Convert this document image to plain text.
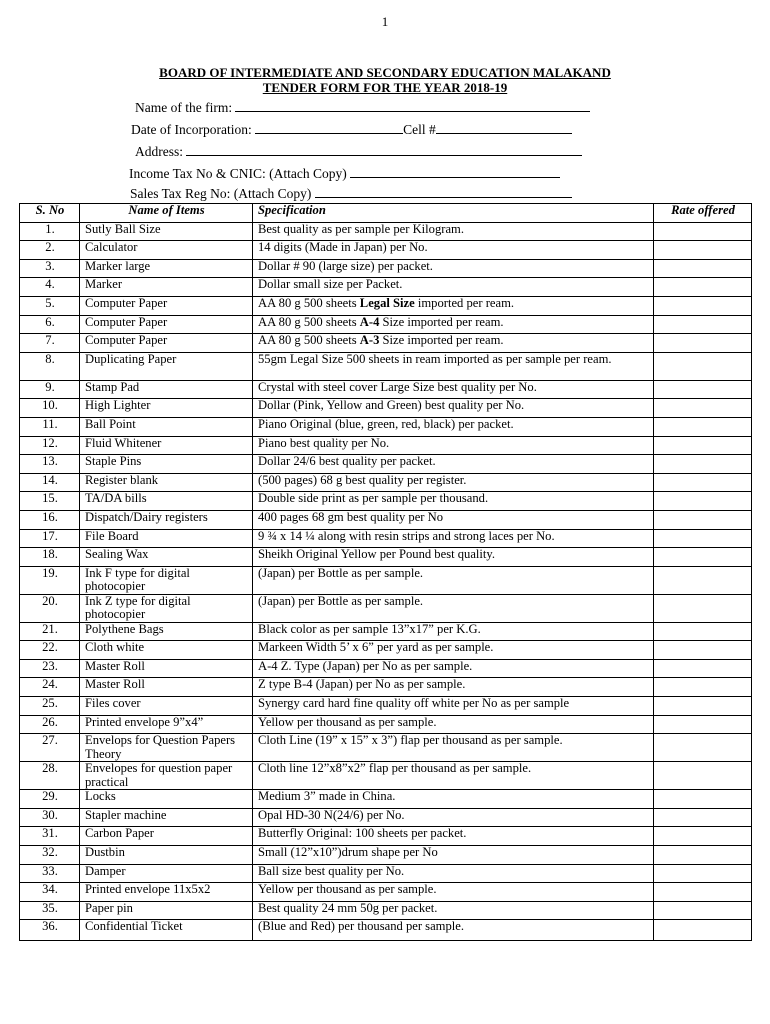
1
BOARD OF INTERMEDIATE AND SECONDARY EDUCATION MALAKAND
TENDER FORM FOR THE YEAR 2018-19
Name of the firm:
Date of Incorporation:	Cell #
Address:
Income Tax No & CNIC: (Attach Copy)
Sales Tax Reg No: (Attach Copy)
S. No	Name of Items	Specification	Rate offered
1.	Sutly Ball Size	Best quality as per sample per Kilogram.	
2.	Calculator	14 digits (Made in Japan) per No.	
3.	Marker large	Dollar # 90 (large size) per packet.	
4.	Marker	Dollar small size per Packet.	
5.	Computer Paper	AA 80 g 500 sheets Legal Size imported per ream.	
6.	Computer Paper	AA 80 g 500 sheets A-4 Size imported per ream.	
7.	Computer Paper	AA 80 g 500 sheets A-3 Size imported per ream.	
8.	Duplicating Paper	55gm Legal Size 500 sheets in ream imported as per sample per ream.	
9.	Stamp Pad	Crystal with steel cover Large Size best quality per No.	
10.	High Lighter	Dollar (Pink, Yellow and Green) best quality per No.	
11.	Ball Point	Piano Original (blue, green, red, black) per packet.	
12.	Fluid Whitener	Piano best quality per No.	
13.	Staple Pins	Dollar 24/6 best quality per packet.	
14.	Register blank	(500 pages) 68 g best quality per register.	
15.	TA/DA bills	Double side print as per sample per thousand.	
16.	Dispatch/Dairy registers	400 pages 68 gm best quality per No	
17.	File Board	9 ¾ x 14 ¼ along with resin strips and strong laces per No.	
18.	Sealing Wax	Sheikh Original Yellow per Pound best quality.	
19.	Ink F type for digital photocopier	(Japan) per Bottle as per sample.	
20.	Ink Z type for digital photocopier	(Japan) per Bottle as per sample.	
21.	Polythene Bags	Black color as per sample 13”x17” per K.G.	
22.	Cloth white	Markeen Width 5’ x 6” per yard as per sample.	
23.	Master Roll	A-4 Z. Type (Japan) per No as per sample.	
24.	Master Roll	Z type B-4 (Japan) per No as per sample.	
25.	Files cover	Synergy card hard fine quality off white per No as per sample	
26.	Printed envelope 9”x4”	Yellow per thousand as per sample.	
27.	Envelops for Question Papers Theory	Cloth Line (19” x 15” x 3”) flap per thousand as per sample.	
28.	Envelopes for question paper practical	Cloth line 12”x8”x2” flap per thousand as per sample.	
29.	Locks	Medium 3” made in China.	
30.	Stapler machine	Opal HD-30 N(24/6) per No.	
31.	Carbon Paper	Butterfly Original: 100 sheets per packet.	
32.	Dustbin	Small (12”x10”)drum shape per No	
33.	Damper	Ball size best quality per No.	
34.	Printed envelope 11x5x2	Yellow per thousand as per sample.	
35.	Paper pin	Best quality 24 mm 50g per packet.	
36.	Confidential Ticket	(Blue and Red) per thousand per sample.	
